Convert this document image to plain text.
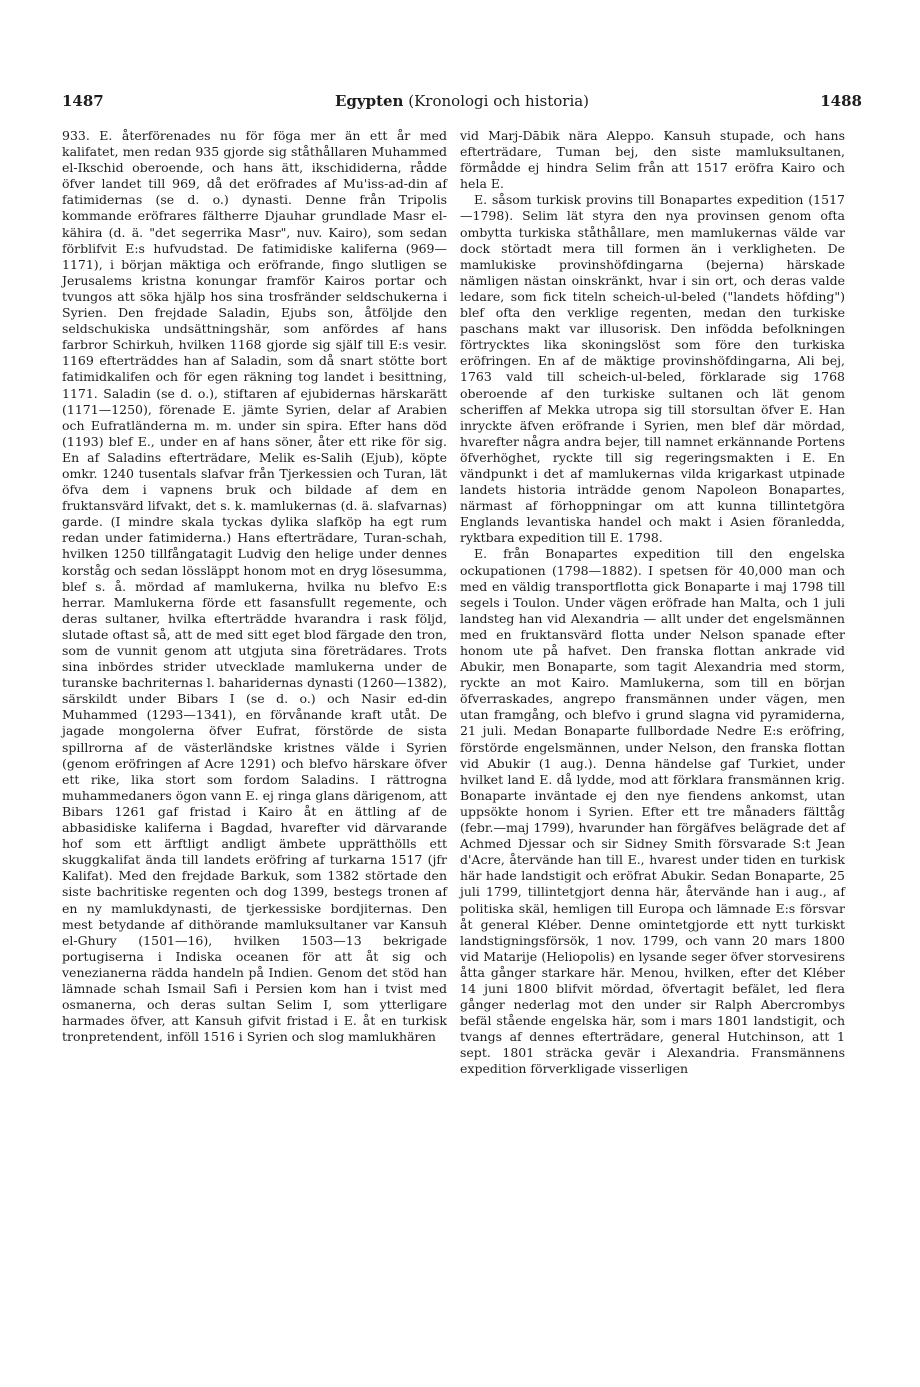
1487	Egypten (Kronologi och historia)	1488

933. E. återförenades nu för föga mer än ett år med kalifatet, men redan 935 gjorde sig ståthållaren Muhammed el-Ikschid oberoende, och hans ätt, ikschididerna, rådde öfver landet till 969, då det eröfrades af Mu'iss-ad-din af fatimidernas (se d. o.) dynasti. Denne från Tripolis kommande eröfrares fältherre Djauhar grundlade Masr el-kähira (d. ä. "det segerrika Masr", nuv. Kairo), som sedan förblifvit E:s hufvudstad. De fatimidiske kaliferna (969—1171), i början mäktiga och eröfrande, fingo slutligen se Jerusalems kristna konungar framför Kairos portar och tvungos att söka hjälp hos sina trosfränder seldschukerna i Syrien. Den frejdade Saladin, Ejubs son, åtföljde den seldschukiska undsättningshär, som anfördes af hans farbror Schirkuh, hvilken 1168 gjorde sig själf till E:s vesir. 1169 efterträddes han af Saladin, som då snart stötte bort fatimidkalifen och för egen räkning tog landet i besittning, 1171. Saladin (se d. o.), stiftaren af ejubidernas härskarätt (1171—1250), förenade E. jämte Syrien, delar af Arabien och Eufratländerna m. m. under sin spira. Efter hans död (1193) blef E., under en af hans söner, åter ett rike för sig. En af Saladins efterträdare, Melik es-Salih (Ejub), köpte omkr. 1240 tusentals slafvar från Tjerkessien och Turan, lät öfva dem i vapnens bruk och bildade af dem en fruktansvärd lifvakt, det s. k. mamlukernas (d. ä. slafvarnas) garde. (I mindre skala tyckas dylika slafköp ha egt rum redan under fatimiderna.) Hans efterträdare, Turan-schah, hvilken 1250 tillfångatagit Ludvig den helige under dennes korståg och sedan lössläppt honom mot en dryg lösesumma, blef s. å. mördad af mamlukerna, hvilka nu blefvo E:s herrar. Mamlukerna förde ett fasansfullt regemente, och deras sultaner, hvilka efterträdde hvarandra i rask följd, slutade oftast så, att de med sitt eget blod färgade den tron, som de vunnit genom att utgjuta sina företrädares. Trots sina inbördes strider utvecklade mamlukerna under de turanske bachriternas l. baharidernas dynasti (1260—1382), särskildt under Bibars I (se d. o.) och Nasir ed-din Muhammed (1293—1341), en förvånande kraft utåt. De jagade mongolerna öfver Eufrat, förstörde de sista spillrorna af de västerländske kristnes välde i Syrien (genom eröfringen af Acre 1291) och blefvo härskare öfver ett rike, lika stort som fordom Saladins. I rättrogna muhammedaners ögon vann E. ej ringa glans därigenom, att Bibars 1261 gaf fristad i Kairo åt en ättling af de abbasidiske kaliferna i Bagdad, hvarefter vid därvarande hof som ett ärftligt andligt ämbete upprätthölls ett skuggkalifat ända till landets eröfring af turkarna 1517 (jfr Kalifat). Med den frejdade Barkuk, som 1382 störtade den siste bachritiske regenten och dog 1399, bestegs tronen af en ny mamlukdynasti, de tjerkessiske bordjiternas. Den mest betydande af dithörande mamluksultaner var Kansuh el-Ghury (1501—16), hvilken 1503—13 bekrigade portugiserna i Indiska oceanen för att åt sig och venezianerna rädda handeln på Indien. Genom det stöd han lämnade schah Ismail Safi i Persien kom han i tvist med osmanerna, och deras sultan Selim I, som ytterligare harmades öfver, att Kansuh gifvit fristad i E. åt en turkisk tronpretendent, inföll 1516 i Syrien och slog mamlukhären

vid Marj-Dābik nära Aleppo. Kansuh stupade, och hans efterträdare, Tuman bej, den siste mamluksultanen, förmådde ej hindra Selim från att 1517 eröfra Kairo och hela E.

E. såsom turkisk provins till Bonapartes expedition (1517—1798). Selim lät styra den nya provinsen genom ofta ombytta turkiska ståthållare, men mamlukernas välde var dock störtadt mera till formen än i verkligheten. De mamlukiske provinshöfdingarna (bejerna) härskade nämligen nästan oinskränkt, hvar i sin ort, och deras valde ledare, som fick titeln scheich-ul-beled ("landets höfding") blef ofta den verklige regenten, medan den turkiske paschans makt var illusorisk. Den infödda befolkningen förtrycktes lika skoningslöst som före den turkiska eröfringen. En af de mäktige provinshöfdingarna, Ali bej, 1763 vald till scheich-ul-beled, förklarade sig 1768 oberoende af den turkiske sultanen och lät genom scheriffen af Mekka utropa sig till storsultan öfver E. Han inryckte äfven eröfrande i Syrien, men blef där mördad, hvarefter några andra bejer, till namnet erkännande Portens öfverhöghet, ryckte till sig regeringsmakten i E. En vändpunkt i det af mamlukernas vilda krigarkast utpinade landets historia inträdde genom Napoleon Bonapartes, närmast af förhoppningar om att kunna tillintetgöra Englands levantiska handel och makt i Asien föranledda, ryktbara expedition till E. 1798.

E. från Bonapartes expedition till den engelska ockupationen (1798—1882). I spetsen för 40,000 man och med en väldig transportflotta gick Bonaparte i maj 1798 till segels i Toulon. Under vägen eröfrade han Malta, och 1 juli landsteg han vid Alexandria — allt under det engelsmännen med en fruktansvärd flotta under Nelson spanade efter honom ute på hafvet. Den franska flottan ankrade vid Abukir, men Bonaparte, som tagit Alexandria med storm, ryckte an mot Kairo. Mamlukerna, som till en början öfverraskades, angrepo fransmännen under vägen, men utan framgång, och blefvo i grund slagna vid pyramiderna, 21 juli. Medan Bonaparte fullbordade Nedre E:s eröfring, förstörde engelsmännen, under Nelson, den franska flottan vid Abukir (1 aug.). Denna händelse gaf Turkiet, under hvilket land E. då lydde, mod att förklara fransmännen krig. Bonaparte inväntade ej den nye fiendens ankomst, utan uppsökte honom i Syrien. Efter ett tre månaders fälttåg (febr.—maj 1799), hvarunder han förgäfves belägrade det af Achmed Djessar och sir Sidney Smith försvarade S:t Jean d'Acre, återvände han till E., hvarest under tiden en turkisk här hade landstigit och eröfrat Abukir. Sedan Bonaparte, 25 juli 1799, tillintetgjort denna här, återvände han i aug., af politiska skäl, hemligen till Europa och lämnade E:s försvar åt general Kléber. Denne omintetgjorde ett nytt turkiskt landstigningsförsök, 1 nov. 1799, och vann 20 mars 1800 vid Matarije (Heliopolis) en lysande seger öfver storvesirens åtta gånger starkare här. Menou, hvilken, efter det Kléber 14 juni 1800 blifvit mördad, öfvertagit befälet, led flera gånger nederlag mot den under sir Ralph Abercrombys befäl stående engelska här, som i mars 1801 landstigit, och tvangs af dennes efterträdare, general Hutchinson, att 1 sept. 1801 sträcka gevär i Alexandria. Fransmännens expedition förverkligade visserligen
